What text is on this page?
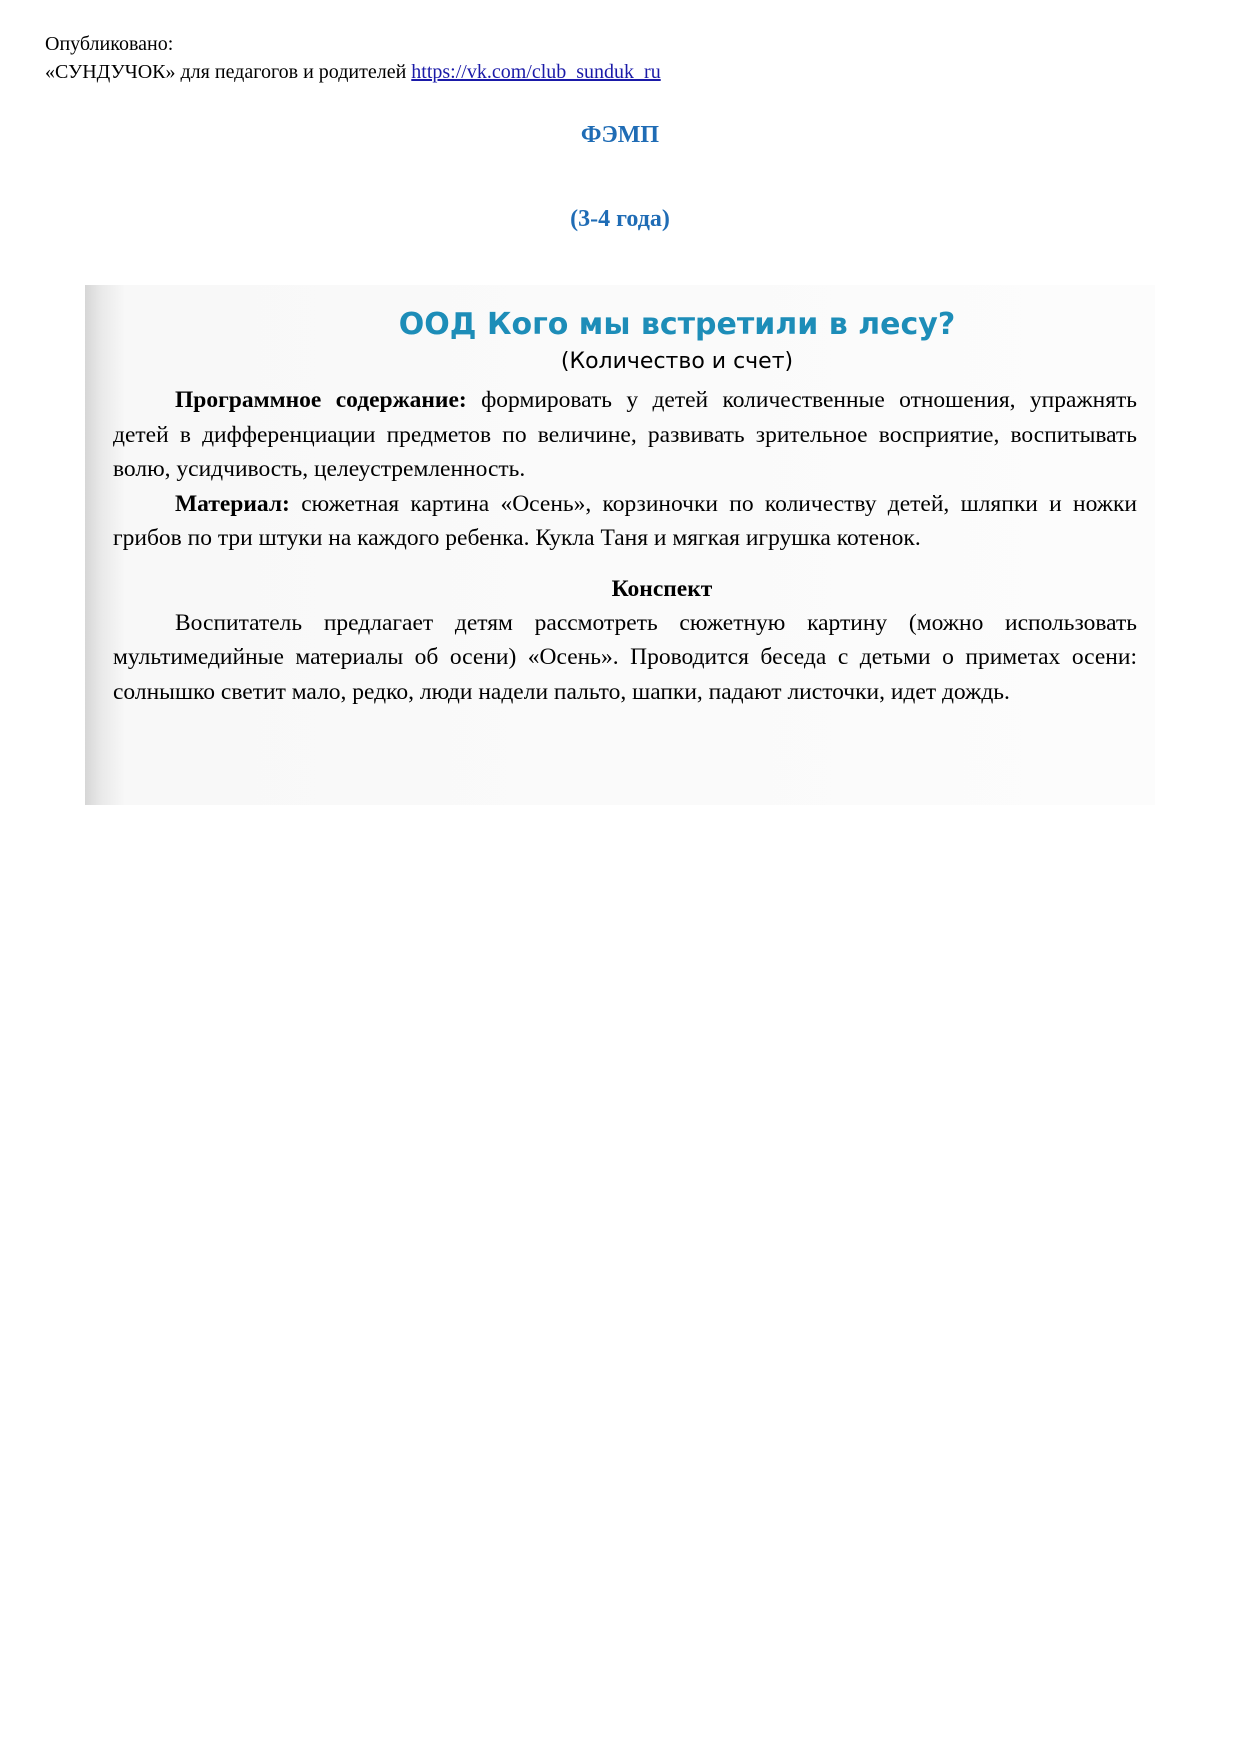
Опубликовано:
«СУНДУЧОК» для педагогов и родителей https://vk.com/club_sunduk_ru
ФЭМП
(3-4 года)
ООД Кого мы встретили в лесу?
(Количество и счет)

Программное содержание: формировать у детей количественные отношения, упражнять детей в дифференциации предметов по величине, развивать зрительное восприятие, воспитывать волю, усидчивость, целеустремленность.

Материал: сюжетная картина «Осень», корзиночки по количеству детей, шляпки и ножки грибов по три штуки на каждого ребенка. Кукла Таня и мягкая игрушка котенок.

Конспект

Воспитатель предлагает детям рассмотреть сюжетную картину (можно использовать мультимедийные материалы об осени) «Осень». Проводится беседа с детьми о приметах осени: солнышко светит мало, редко, люди надели пальто, шапки, падают листочки, идет дождь.
